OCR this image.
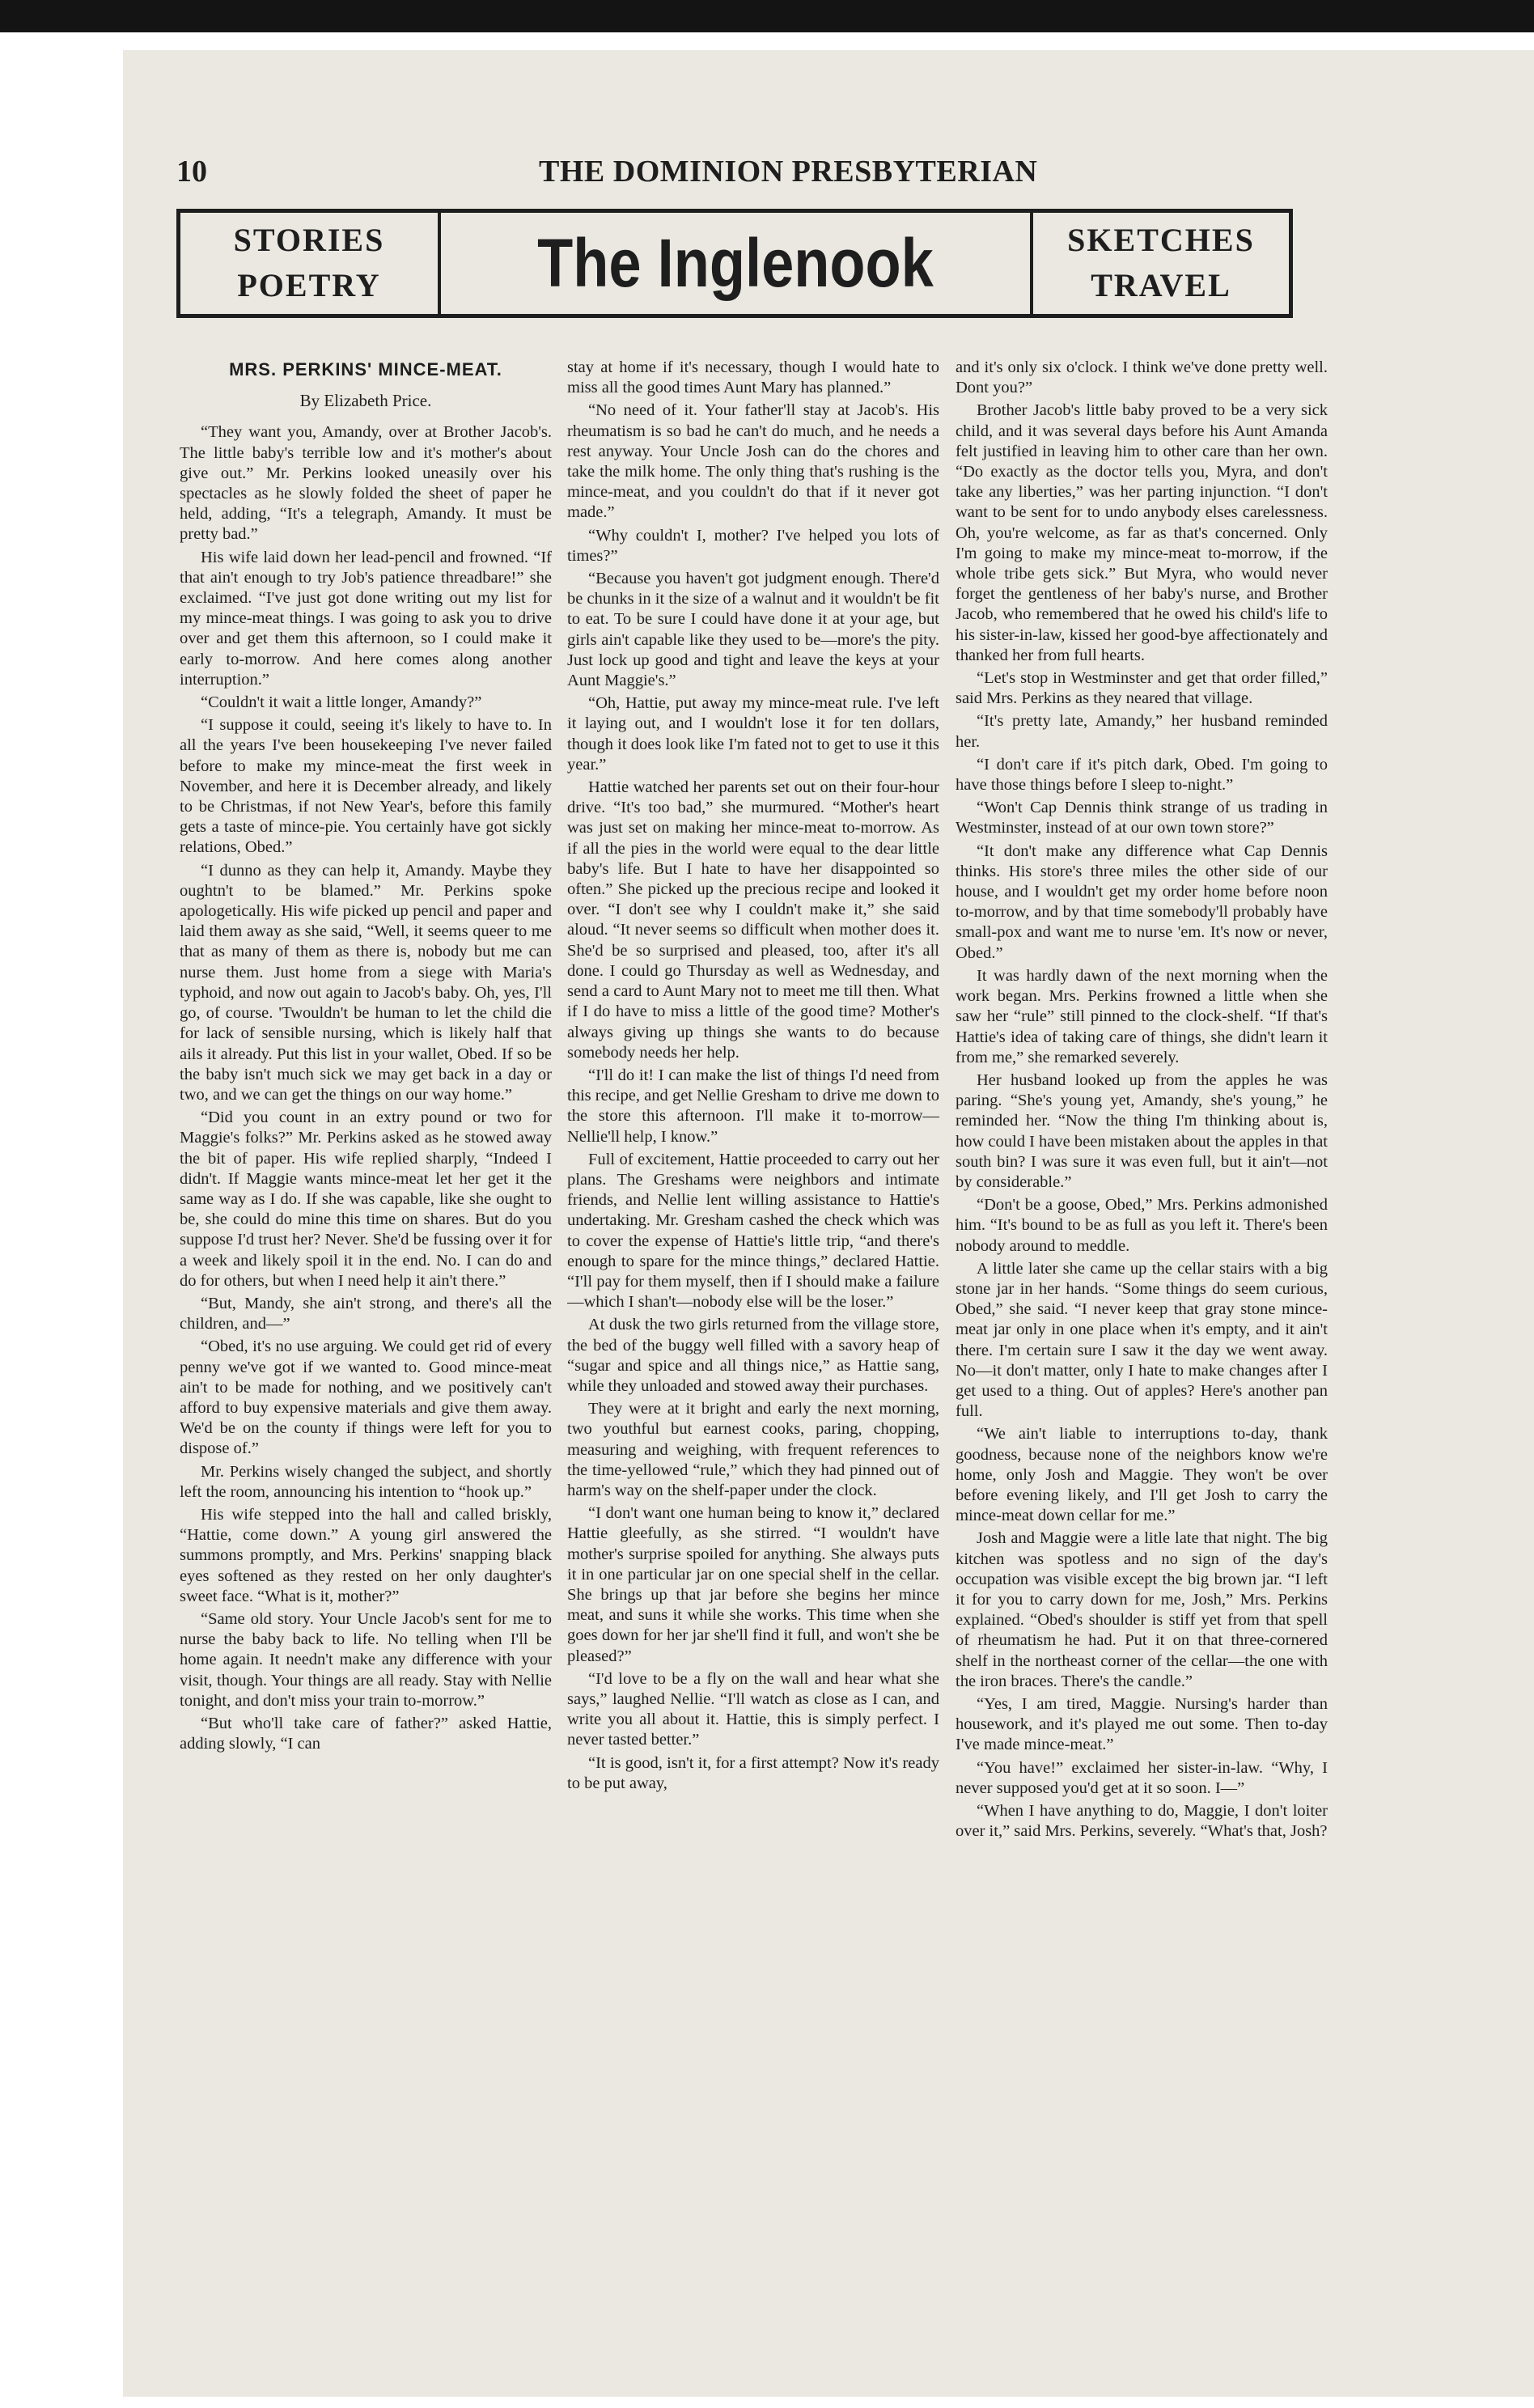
10	THE DOMINION PRESBYTERIAN
STORIES
POETRY	The Inglenook	SKETCHES
TRAVEL
MRS. PERKINS' MINCE-MEAT.
By Elizabeth Price.

“They want you, Amandy, over at Brother Jacob's. The little baby's terrible low and it's mother's about give out.” Mr. Perkins looked uneasily over his spectacles as he slowly folded the sheet of paper he held, adding, “It's a telegraph, Amandy. It must be pretty bad.”

His wife laid down her lead-pencil and frowned. “If that ain't enough to try Job's patience threadbare!” she exclaimed. “I've just got done writing out my list for my mince-meat things. I was going to ask you to drive over and get them this afternoon, so I could make it early to-morrow. And here comes along another interruption.”

“Couldn't it wait a little longer, Amandy?”

“I suppose it could, seeing it's likely to have to. In all the years I've been housekeeping I've never failed before to make my mince-meat the first week in November, and here it is December already, and likely to be Christmas, if not New Year's, before this family gets a taste of mince-pie. You certainly have got sickly relations, Obed.”

“I dunno as they can help it, Amandy. Maybe they oughtn't to be blamed.” Mr. Perkins spoke apologetically. His wife picked up pencil and paper and laid them away as she said, “Well, it seems queer to me that as many of them as there is, nobody but me can nurse them. Just home from a siege with Maria's typhoid, and now out again to Jacob's baby. Oh, yes, I'll go, of course. 'Twouldn't be human to let the child die for lack of sensible nursing, which is likely half that ails it already. Put this list in your wallet, Obed. If so be the baby isn't much sick we may get back in a day or two, and we can get the things on our way home.”

“Did you count in an extry pound or two for Maggie's folks?” Mr. Perkins asked as he stowed away the bit of paper. His wife replied sharply, “Indeed I didn't. If Maggie wants mince-meat let her get it the same way as I do. If she was capable, like she ought to be, she could do mine this time on shares. But do you suppose I'd trust her? Never. She'd be fussing over it for a week and likely spoil it in the end. No. I can do and do for others, but when I need help it ain't there.”

“But, Mandy, she ain't strong, and there's all the children, and—”

“Obed, it's no use arguing. We could get rid of every penny we've got if we wanted to. Good mince-meat ain't to be made for nothing, and we positively can't afford to buy expensive materials and give them away. We'd be on the county if things were left for you to dispose of.”

Mr. Perkins wisely changed the subject, and shortly left the room, announcing his intention to “hook up.”

His wife stepped into the hall and called briskly, “Hattie, come down.” A young girl answered the summons promptly, and Mrs. Perkins' snapping black eyes softened as they rested on her only daughter's sweet face. “What is it, mother?”

“Same old story. Your Uncle Jacob's sent for me to nurse the baby back to life. No telling when I'll be home again. It needn't make any difference with your visit, though. Your things are all ready. Stay with Nellie tonight, and don't miss your train to-morrow.”

“But who'll take care of father?” asked Hattie, adding slowly, “I can

stay at home if it's necessary, though I would hate to miss all the good times Aunt Mary has planned.”

“No need of it. Your father'll stay at Jacob's. His rheumatism is so bad he can't do much, and he needs a rest anyway. Your Uncle Josh can do the chores and take the milk home. The only thing that's rushing is the mince-meat, and you couldn't do that if it never got made.”

“Why couldn't I, mother? I've helped you lots of times?”

“Because you haven't got judgment enough. There'd be chunks in it the size of a walnut and it wouldn't be fit to eat. To be sure I could have done it at your age, but girls ain't capable like they used to be—more's the pity. Just lock up good and tight and leave the keys at your Aunt Maggie's.”

“Oh, Hattie, put away my mince-meat rule. I've left it laying out, and I wouldn't lose it for ten dollars, though it does look like I'm fated not to get to use it this year.”

Hattie watched her parents set out on their four-hour drive. “It's too bad,” she murmured. “Mother's heart was just set on making her mince-meat to-morrow. As if all the pies in the world were equal to the dear little baby's life. But I hate to have her disappointed so often.” She picked up the precious recipe and looked it over. “I don't see why I couldn't make it,” she said aloud. “It never seems so difficult when mother does it. She'd be so surprised and pleased, too, after it's all done. I could go Thursday as well as Wednesday, and send a card to Aunt Mary not to meet me till then. What if I do have to miss a little of the good time? Mother's always giving up things she wants to do because somebody needs her help.

“I'll do it! I can make the list of things I'd need from this recipe, and get Nellie Gresham to drive me down to the store this afternoon. I'll make it to-morrow—Nellie'll help, I know.”

Full of excitement, Hattie proceeded to carry out her plans. The Greshams were neighbors and intimate friends, and Nellie lent willing assistance to Hattie's undertaking. Mr. Gresham cashed the check which was to cover the expense of Hattie's little trip, “and there's enough to spare for the mince things,” declared Hattie. “I'll pay for them myself, then if I should make a failure—which I shan't—nobody else will be the loser.”

At dusk the two girls returned from the village store, the bed of the buggy well filled with a savory heap of “sugar and spice and all things nice,” as Hattie sang, while they unloaded and stowed away their purchases.

They were at it bright and early the next morning, two youthful but earnest cooks, paring, chopping, measuring and weighing, with frequent references to the time-yellowed “rule,” which they had pinned out of harm's way on the shelf-paper under the clock.

“I don't want one human being to know it,” declared Hattie gleefully, as she stirred. “I wouldn't have mother's surprise spoiled for anything. She always puts it in one particular jar on one special shelf in the cellar. She brings up that jar before she begins her mince meat, and suns it while she works. This time when she goes down for her jar she'll find it full, and won't she be pleased?”

“I'd love to be a fly on the wall and hear what she says,” laughed Nellie. “I'll watch as close as I can, and write you all about it. Hattie, this is simply perfect. I never tasted better.”

“It is good, isn't it, for a first attempt? Now it's ready to be put away,

and it's only six o'clock. I think we've done pretty well. Dont you?”

Brother Jacob's little baby proved to be a very sick child, and it was several days before his Aunt Amanda felt justified in leaving him to other care than her own. “Do exactly as the doctor tells you, Myra, and don't take any liberties,” was her parting injunction. “I don't want to be sent for to undo anybody elses carelessness. Oh, you're welcome, as far as that's concerned. Only I'm going to make my mince-meat to-morrow, if the whole tribe gets sick.” But Myra, who would never forget the gentleness of her baby's nurse, and Brother Jacob, who remembered that he owed his child's life to his sister-in-law, kissed her good-bye affectionately and thanked her from full hearts.

“Let's stop in Westminster and get that order filled,” said Mrs. Perkins as they neared that village.

“It's pretty late, Amandy,” her husband reminded her.

“I don't care if it's pitch dark, Obed. I'm going to have those things before I sleep to-night.”

“Won't Cap Dennis think strange of us trading in Westminster, instead of at our own town store?”

“It don't make any difference what Cap Dennis thinks. His store's three miles the other side of our house, and I wouldn't get my order home before noon to-morrow, and by that time somebody'll probably have small-pox and want me to nurse 'em. It's now or never, Obed.”

It was hardly dawn of the next morning when the work began. Mrs. Perkins frowned a little when she saw her “rule” still pinned to the clock-shelf. “If that's Hattie's idea of taking care of things, she didn't learn it from me,” she remarked severely.

Her husband looked up from the apples he was paring. “She's young yet, Amandy, she's young,” he reminded her. “Now the thing I'm thinking about is, how could I have been mistaken about the apples in that south bin? I was sure it was even full, but it ain't—not by considerable.”

“Don't be a goose, Obed,” Mrs. Perkins admonished him. “It's bound to be as full as you left it. There's been nobody around to meddle.

A little later she came up the cellar stairs with a big stone jar in her hands. “Some things do seem curious, Obed,” she said. “I never keep that gray stone mince-meat jar only in one place when it's empty, and it ain't there. I'm certain sure I saw it the day we went away. No—it don't matter, only I hate to make changes after I get used to a thing. Out of apples? Here's another pan full.

“We ain't liable to interruptions to-day, thank goodness, because none of the neighbors know we're home, only Josh and Maggie. They won't be over before evening likely, and I'll get Josh to carry the mince-meat down cellar for me.”

Josh and Maggie were a litle late that night. The big kitchen was spotless and no sign of the day's occupation was visible except the big brown jar. “I left it for you to carry down for me, Josh,” Mrs. Perkins explained. “Obed's shoulder is stiff yet from that spell of rheumatism he had. Put it on that three-cornered shelf in the northeast corner of the cellar—the one with the iron braces. There's the candle.”

“Yes, I am tired, Maggie. Nursing's harder than housework, and it's played me out some. Then to-day I've made mince-meat.”

“You have!” exclaimed her sister-in-law. “Why, I never supposed you'd get at it so soon. I—”

“When I have anything to do, Maggie, I don't loiter over it,” said Mrs. Perkins, severely. “What's that, Josh?
